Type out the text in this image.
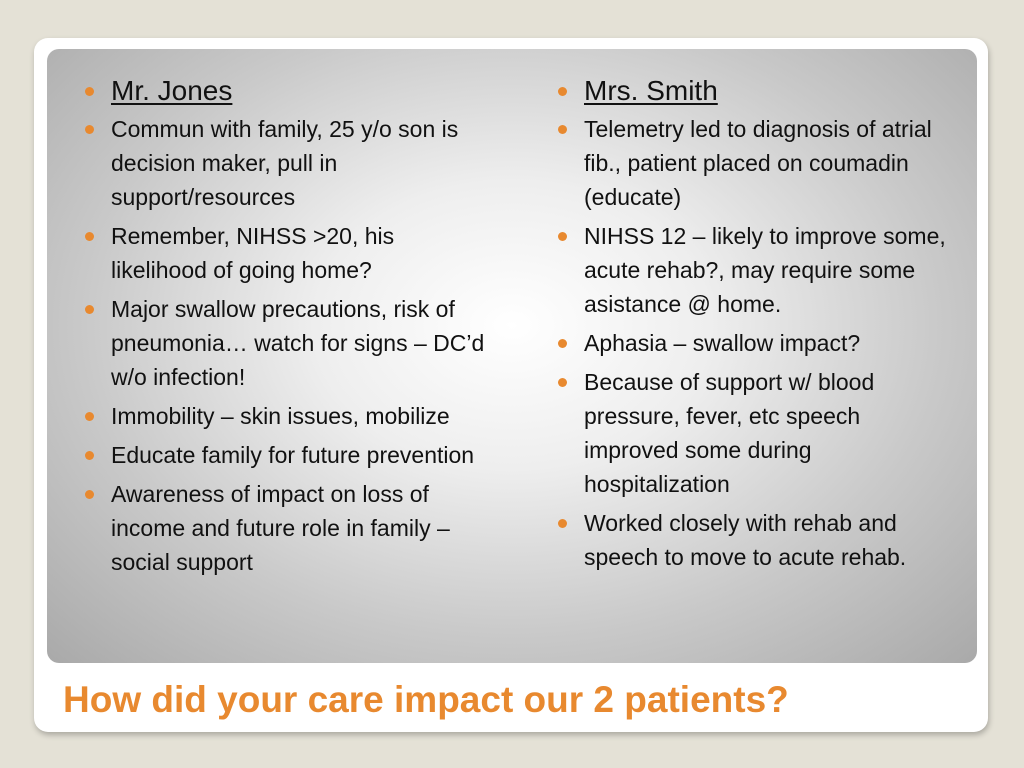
Mr. Jones
Commun with family, 25 y/o son is decision maker, pull in support/resources
Remember, NIHSS >20, his likelihood of going home?
Major swallow precautions, risk of pneumonia… watch for signs – DC’d w/o infection!
Immobility – skin issues, mobilize
Educate family for future prevention
Awareness of impact on loss of income and future role in family – social support
Mrs. Smith
Telemetry led to diagnosis of atrial fib., patient placed on coumadin (educate)
NIHSS 12 – likely to improve some, acute rehab?, may require some asistance @ home.
Aphasia – swallow impact?
Because of support w/ blood pressure, fever, etc speech improved some during hospitalization
Worked closely with rehab and speech to move to acute rehab.
How did your care impact our 2 patients?
